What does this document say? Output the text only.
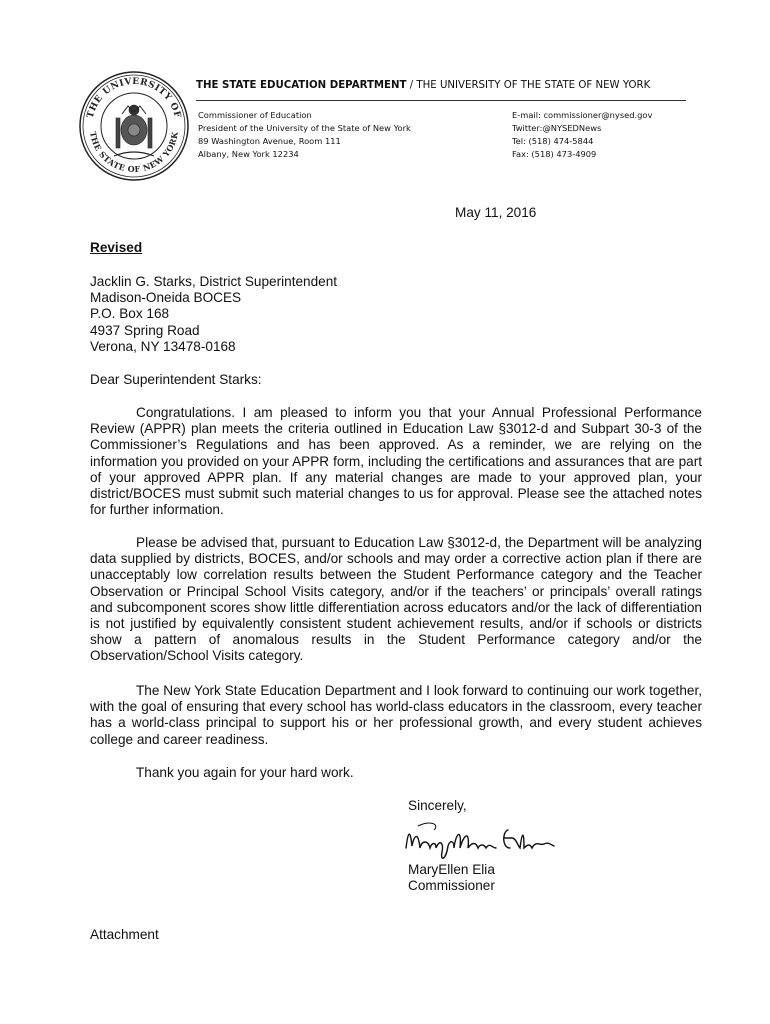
THE UNIVERSITY OF
THE STATE OF NEW YORK
THE STATE EDUCATION DEPARTMENT / THE UNIVERSITY OF THE STATE OF NEW YORK
Commissioner of Education
President of the University of the State of New York
89 Washington Avenue, Room 111
Albany, New York 12234
E-mail: commissioner@nysed.gov
Twitter:@NYSEDNews
Tel: (518) 474-5844
Fax: (518) 473-4909
May 11, 2016
Revised
Jacklin G. Starks, District Superintendent
Madison-Oneida BOCES
P.O. Box 168
4937 Spring Road
Verona, NY 13478-0168
Dear Superintendent Starks:
Congratulations. I am pleased to inform you that your Annual Professional Performance Review (APPR) plan meets the criteria outlined in Education Law §3012-d and Subpart 30-3 of the Commissioner’s Regulations and has been approved. As a reminder, we are relying on the information you provided on your APPR form, including the certifications and assurances that are part of your approved APPR plan. If any material changes are made to your approved plan, your district/BOCES must submit such material changes to us for approval. Please see the attached notes for further information.
Please be advised that, pursuant to Education Law §3012-d, the Department will be analyzing data supplied by districts, BOCES, and/or schools and may order a corrective action plan if there are unacceptably low correlation results between the Student Performance category and the Teacher Observation or Principal School Visits category, and/or if the teachers’ or principals’ overall ratings and subcomponent scores show little differentiation across educators and/or the lack of differentiation is not justified by equivalently consistent student achievement results, and/or if schools or districts show a pattern of anomalous results in the Student Performance category and/or the Observation/School Visits category.
The New York State Education Department and I look forward to continuing our work together, with the goal of ensuring that every school has world-class educators in the classroom, every teacher has a world-class principal to support his or her professional growth, and every student achieves college and career readiness.
Thank you again for your hard work.
Sincerely,
MaryEllen Elia
Commissioner
Attachment
